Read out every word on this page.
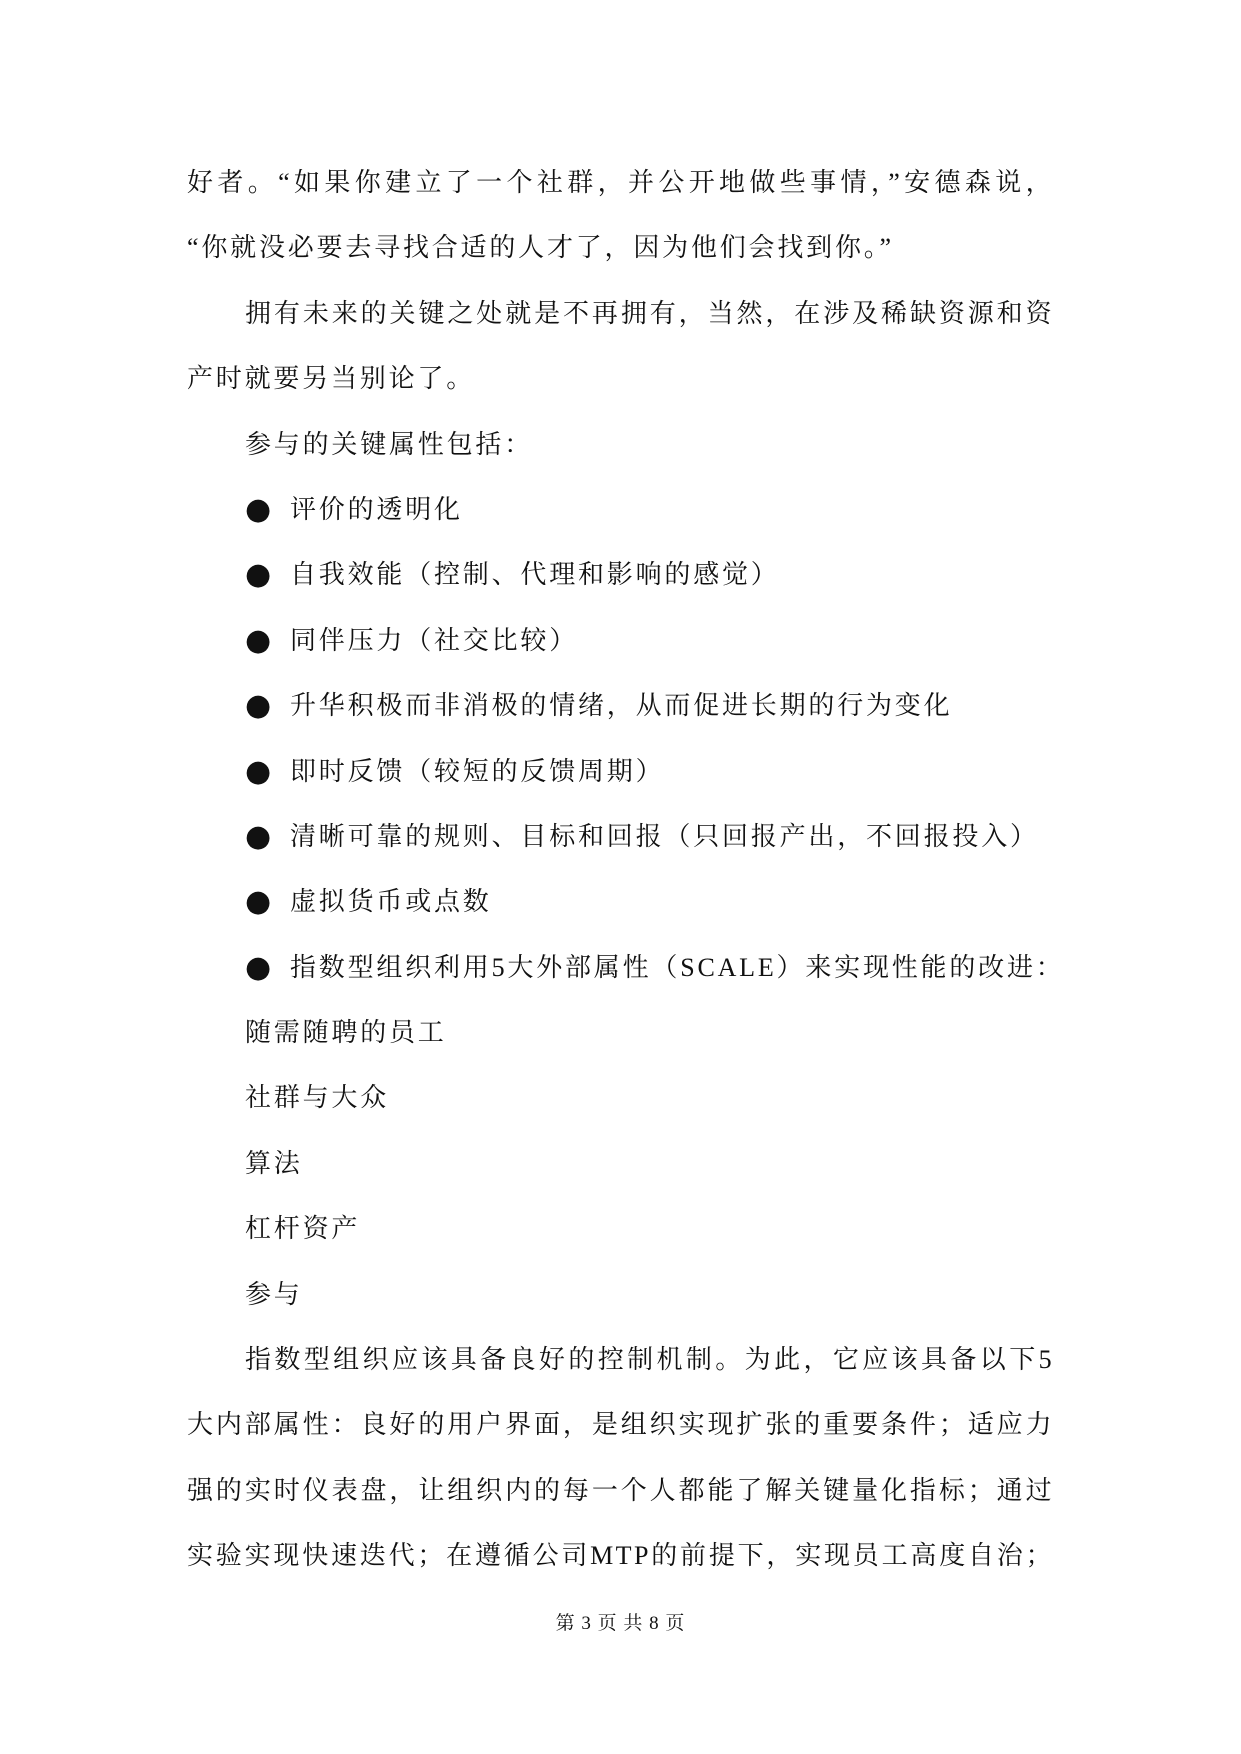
好者。“如果你建立了一个社群，并公开地做些事情，”安德森说，
“你就没必要去寻找合适的人才了，因为他们会找到你。”
拥有未来的关键之处就是不再拥有，当然，在涉及稀缺资源和资
产时就要另当别论了。
参与的关键属性包括：
● 评价的透明化
● 自我效能（控制、代理和影响的感觉）
● 同伴压力（社交比较）
● 升华积极而非消极的情绪，从而促进长期的行为变化
● 即时反馈（较短的反馈周期）
● 清晰可靠的规则、目标和回报（只回报产出，不回报投入）
● 虚拟货币或点数
● 指数型组织利用5大外部属性（SCALE）来实现性能的改进：
随需随聘的员工
社群与大众
算法
杠杆资产
参与
指数型组织应该具备良好的控制机制。为此，它应该具备以下5
大内部属性：良好的用户界面，是组织实现扩张的重要条件；适应力
强的实时仪表盘，让组织内的每一个人都能了解关键量化指标；通过
实验实现快速迭代；在遵循公司MTP的前提下，实现员工高度自治；
第 3 页 共 8 页
